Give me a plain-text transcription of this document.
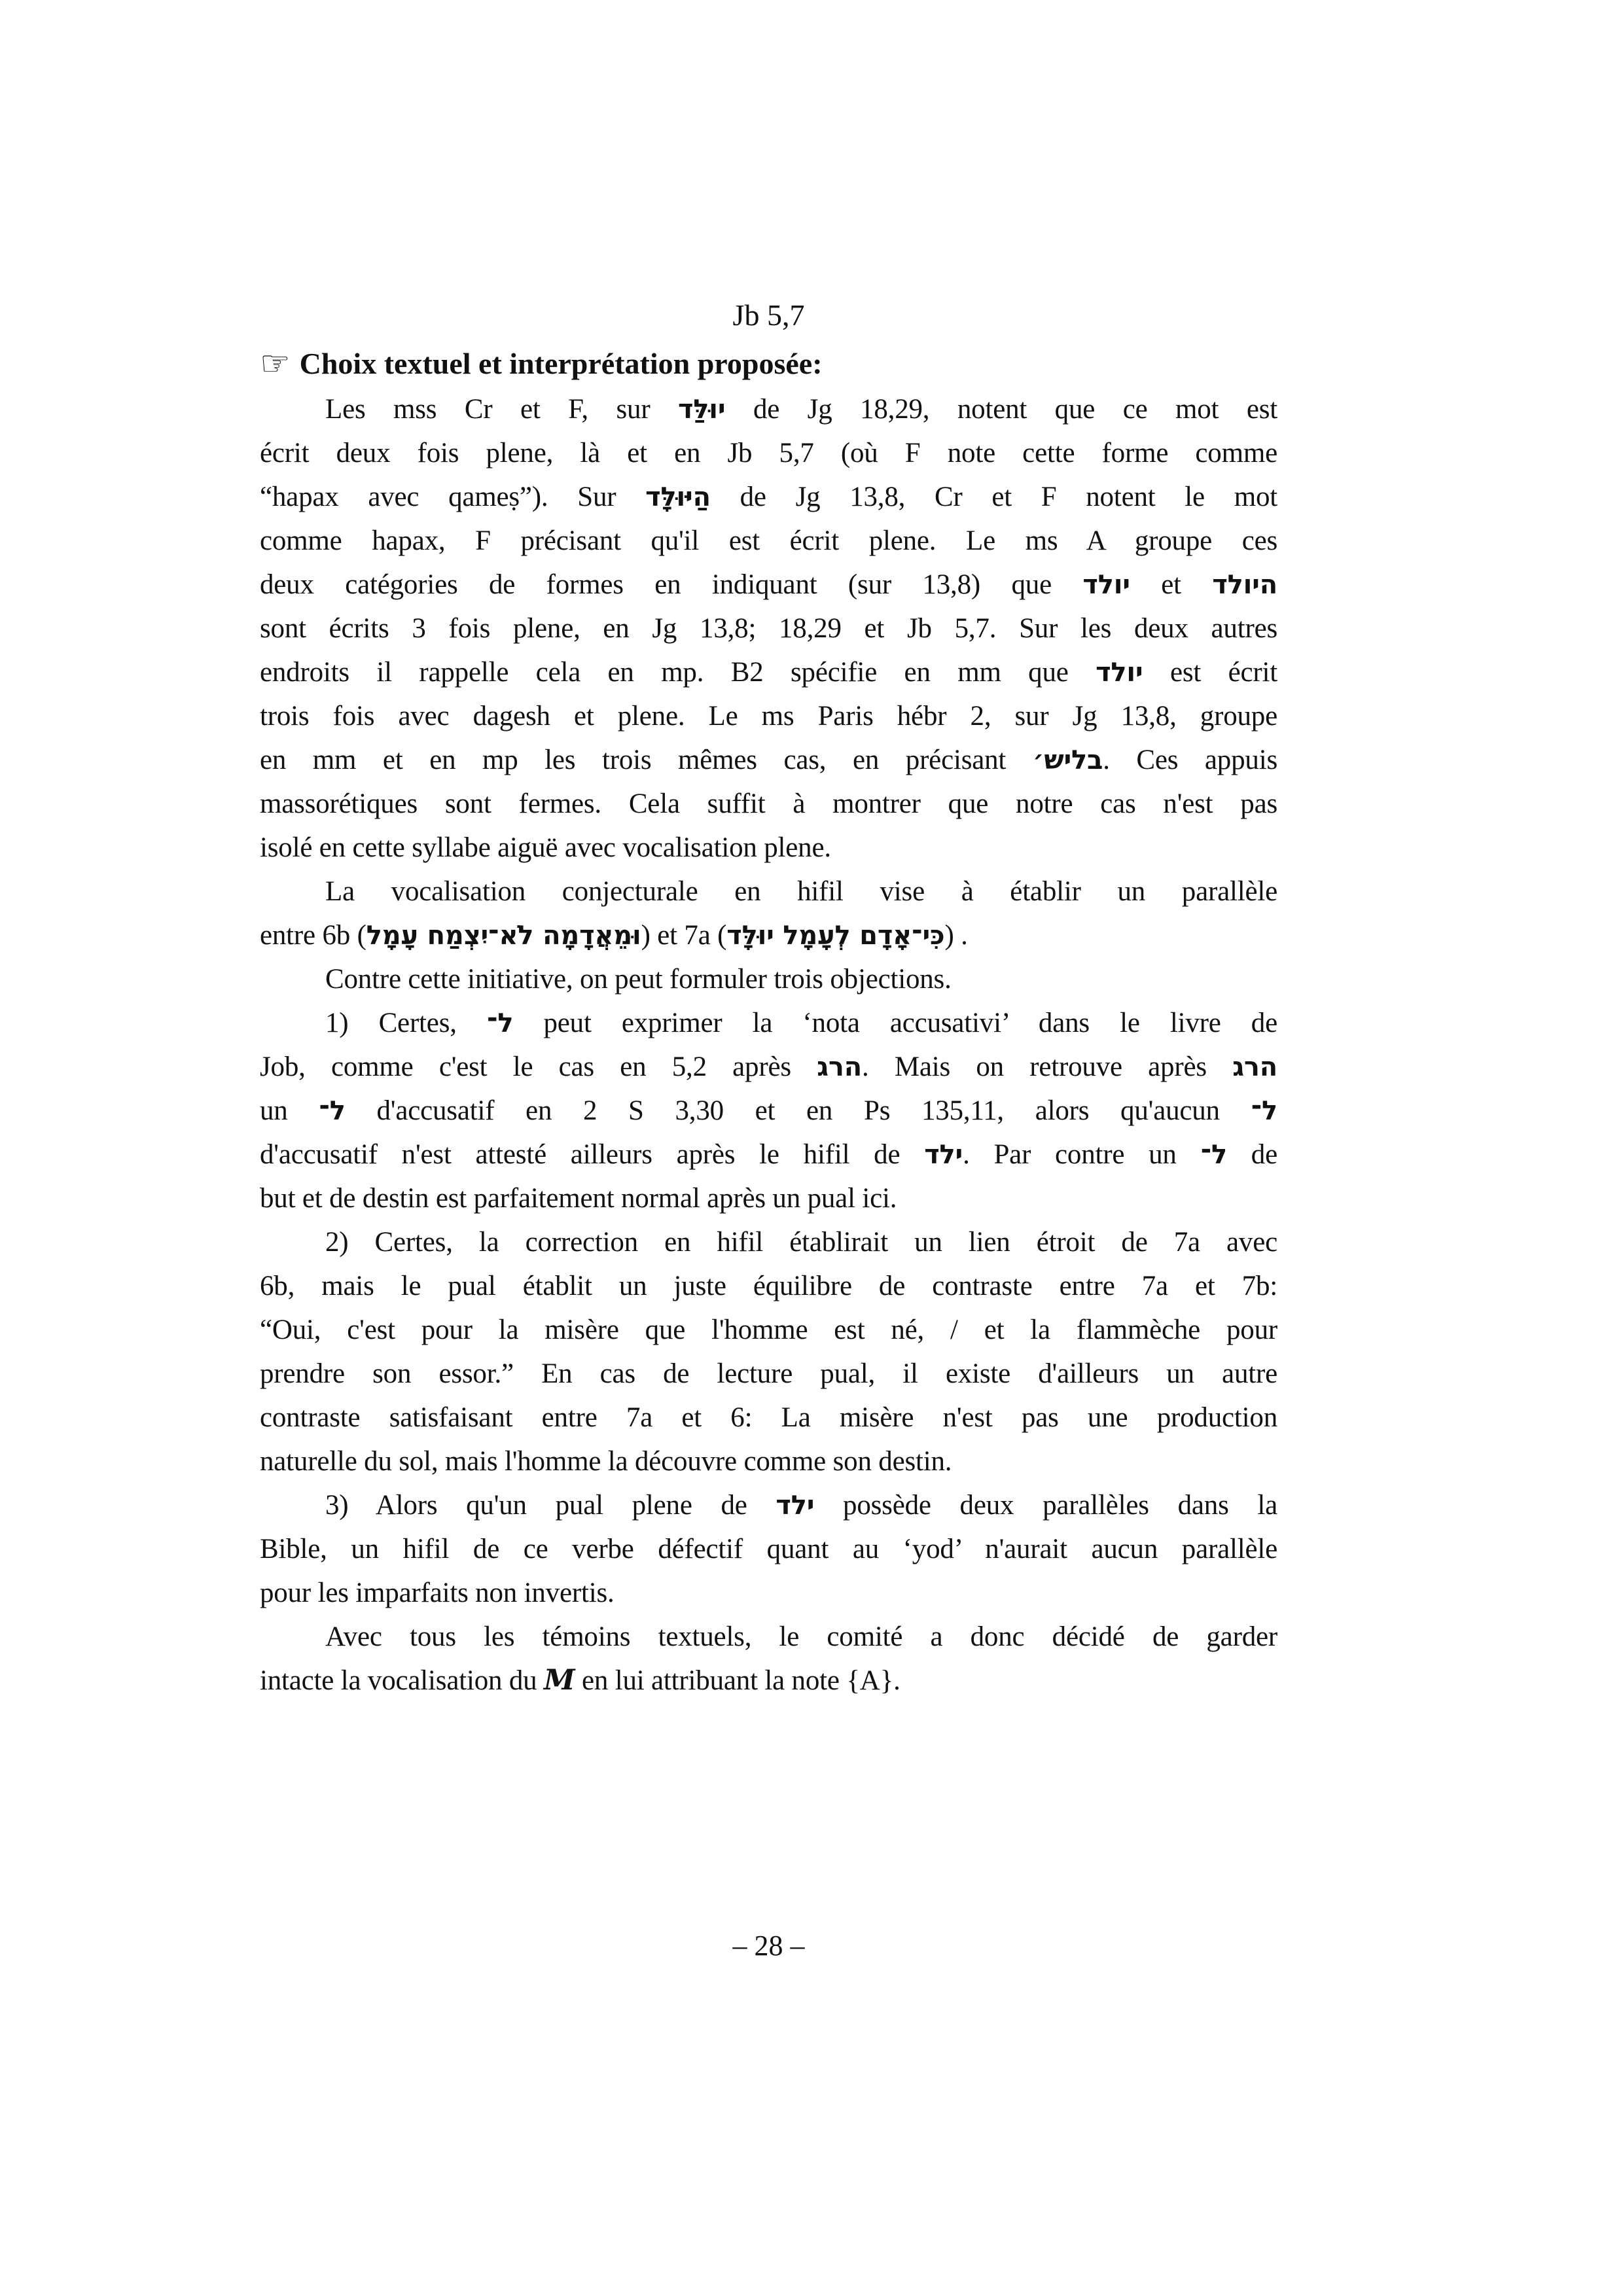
Jb 5,7
☞ Choix textuel et interprétation proposée:
Les mss Cr et F, sur יוּלַּד de Jg 18,29, notent que ce mot est
écrit deux fois plene, là et en Jb 5,7 (où F note cette forme comme
“hapax avec qameṣ”). Sur הַיּוּלָּד de Jg 13,8, Cr et F notent le mot
comme hapax, F précisant qu'il est écrit plene. Le ms A groupe ces
deux catégories de formes en indiquant (sur 13,8) que יולד et היולד
sont écrits 3 fois plene, en Jg 13,8; 18,29 et Jb 5,7. Sur les deux autres
endroits il rappelle cela en mp. B2 spécifie en mm que יולד est écrit
trois fois avec dagesh et plene. Le ms Paris hébr 2, sur Jg 13,8, groupe
en mm et en mp les trois mêmes cas, en précisant בליש׳. Ces appuis
massorétiques sont fermes. Cela suffit à montrer que notre cas n'est pas
isolé en cette syllabe aiguë avec vocalisation plene.
La vocalisation conjecturale en hifil vise à établir un parallèle
entre 6b (וּמֵאֲדָמָה לֹא־יִצְמַח עָמָל) et 7a (כִּי־אָדָם לְעָמָל יוּלָּד) .
Contre cette initiative, on peut formuler trois objections.
1) Certes, ל־ peut exprimer la ‘nota accusativi’ dans le livre de
Job, comme c'est le cas en 5,2 après הרג. Mais on retrouve après הרג
un ל־ d'accusatif en 2 S 3,30 et en Ps 135,11, alors qu'aucun ל־
d'accusatif n'est attesté ailleurs après le hifil de ילד. Par contre un ל־ de
but et de destin est parfaitement normal après un pual ici.
2) Certes, la correction en hifil établirait un lien étroit de 7a avec
6b, mais le pual établit un juste équilibre de contraste entre 7a et 7b:
“Oui, c'est pour la misère que l'homme est né, / et la flammèche pour
prendre son essor.” En cas de lecture pual, il existe d'ailleurs un autre
contraste satisfaisant entre 7a et 6: La misère n'est pas une production
naturelle du sol, mais l'homme la découvre comme son destin.
3) Alors qu'un pual plene de ילד possède deux parallèles dans la
Bible, un hifil de ce verbe défectif quant au ‘yod’ n'aurait aucun parallèle
pour les imparfaits non invertis.
Avec tous les témoins textuels, le comité a donc décidé de garder
intacte la vocalisation du M en lui attribuant la note {A}.
– 28 –
